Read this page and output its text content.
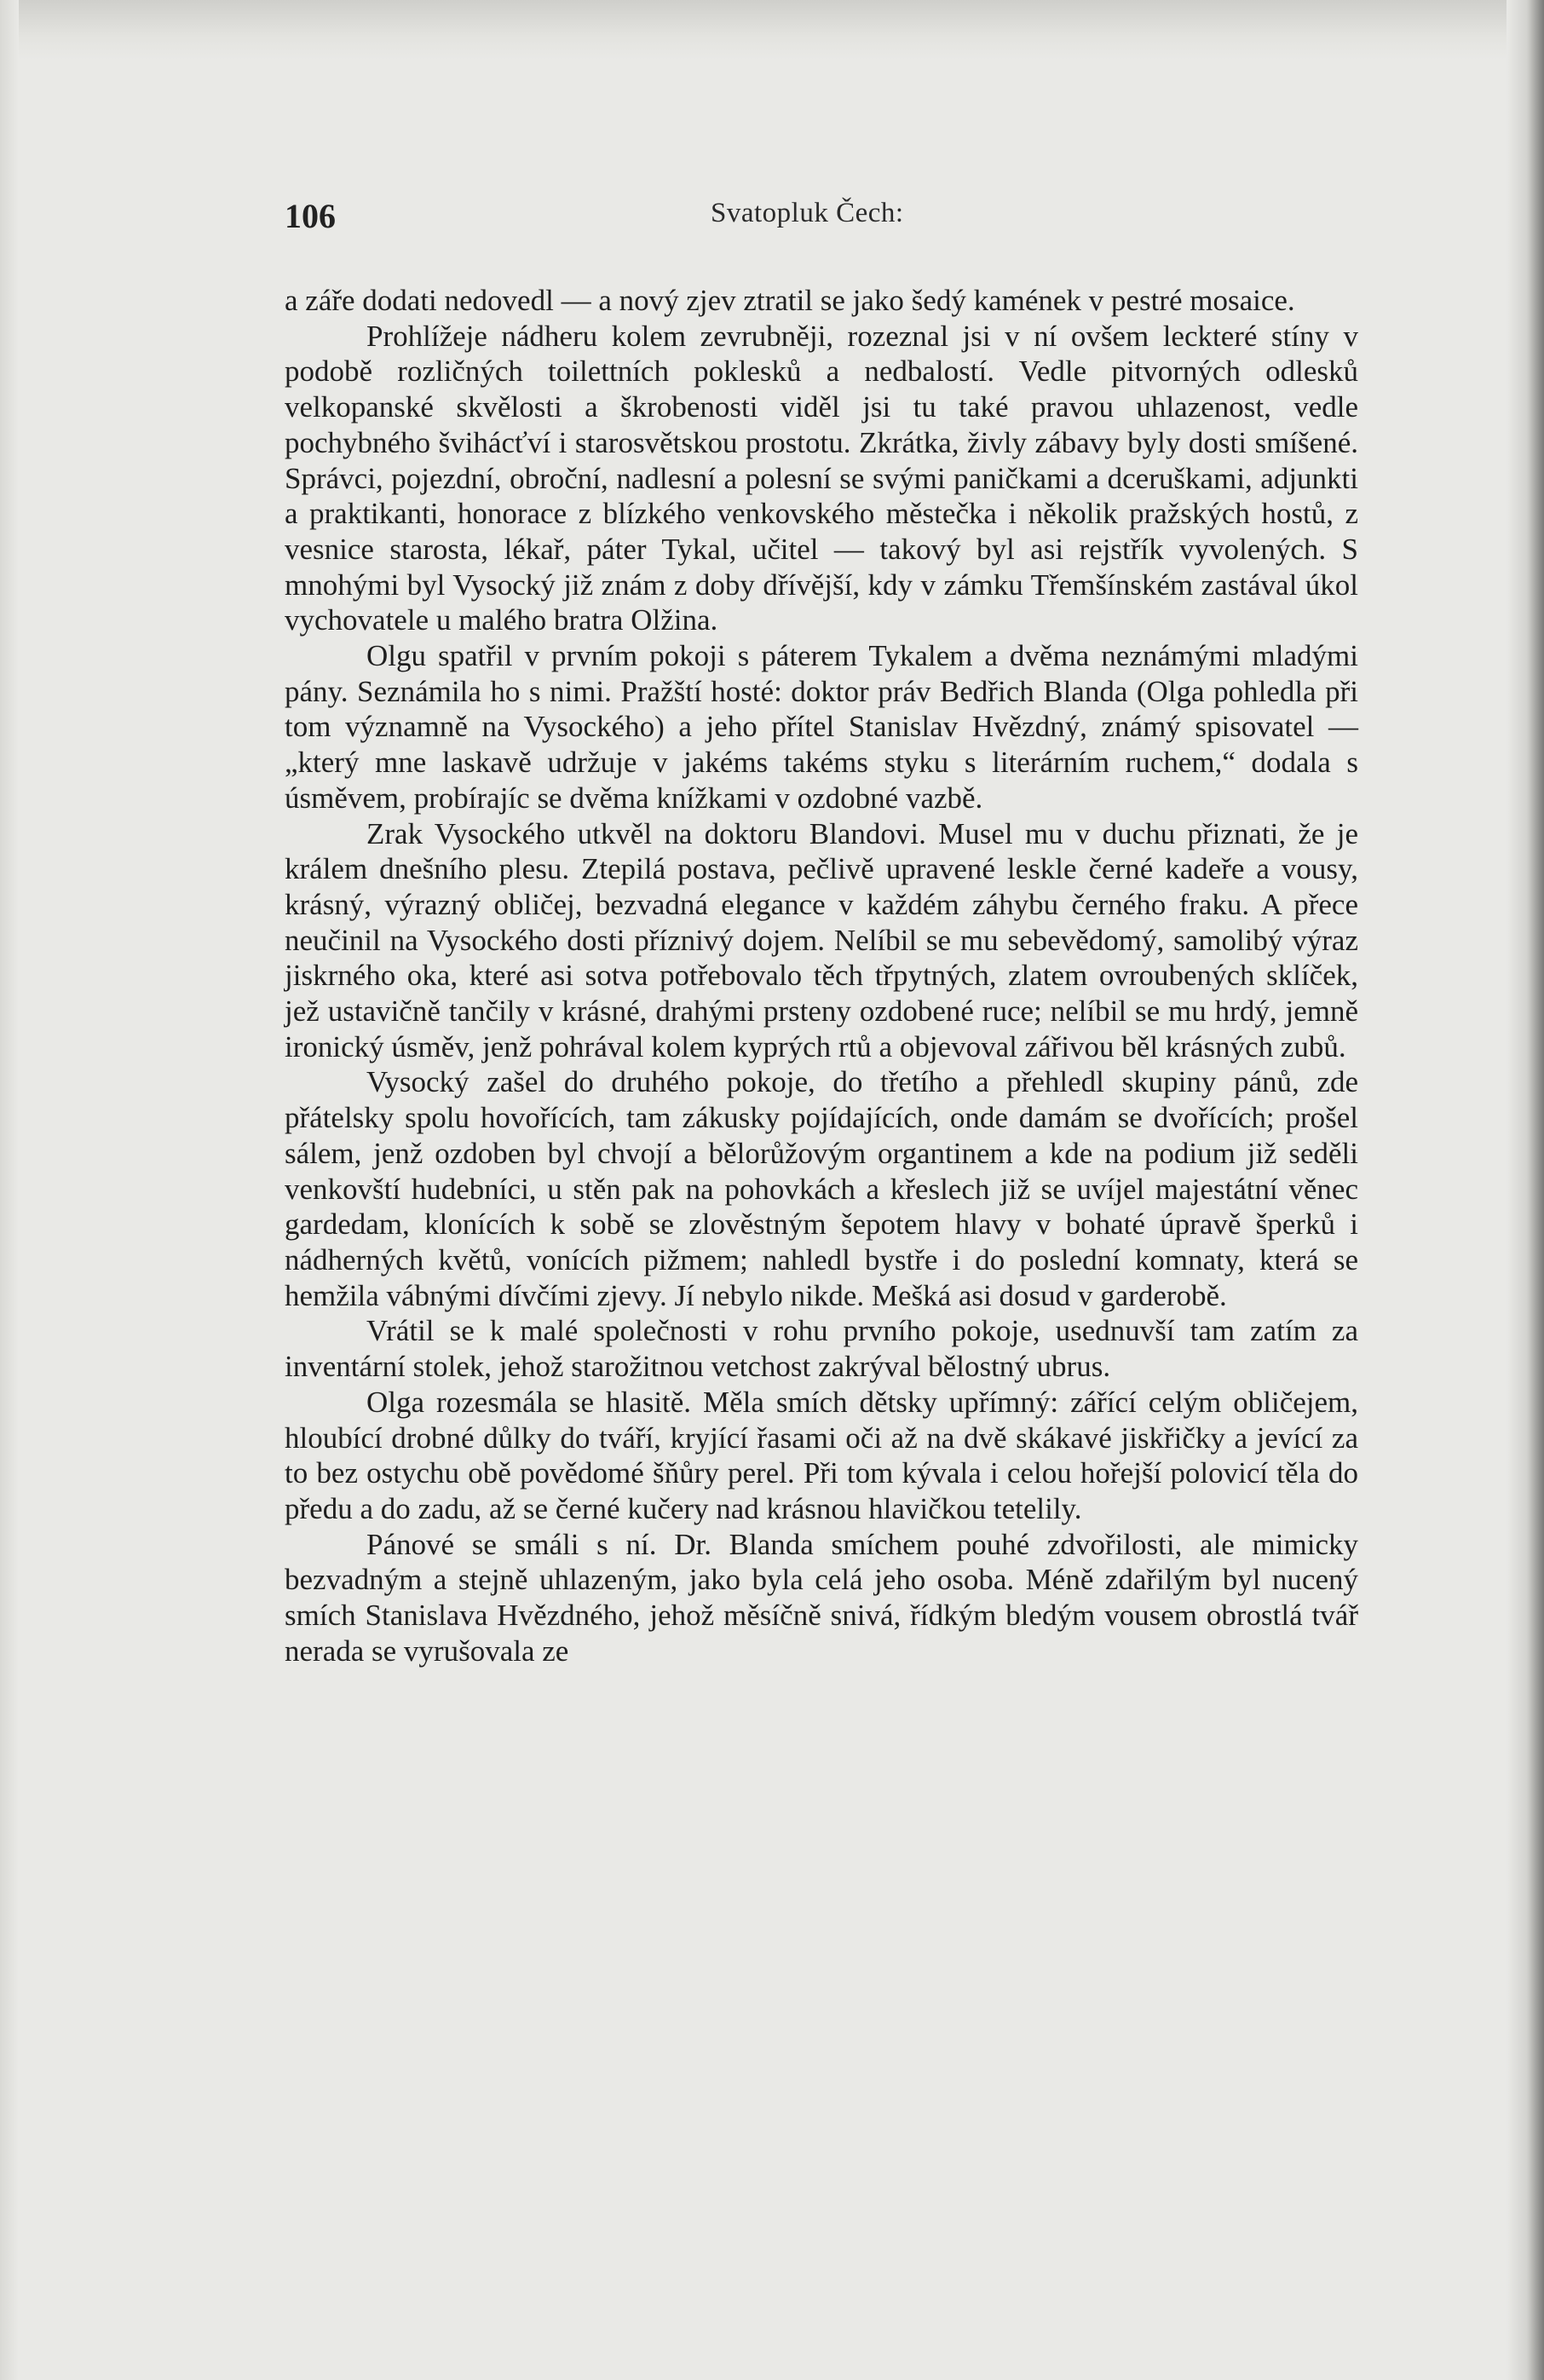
106	Svatopluk Čech:

a záře dodati nedovedl — a nový zjev ztratil se jako šedý kamének v pestré mosaice.

Prohlížeje nádheru kolem zevrubněji, rozeznal jsi v ní ovšem leckteré stíny v podobě rozličných toilettních poklesků a nedbalostí. Vedle pitvorných odlesků velkopanské skvělosti a škrobenosti viděl jsi tu také pravou uhlazenost, vedle pochybného švihácťví i starosvětskou prostotu. Zkrátka, živly zábavy byly dosti smíšené. Správci, pojezdní, obroční, nadlesní a polesní se svými paničkami a dceruškami, adjunkti a praktikanti, honorace z blízkého venkovského městečka i několik pražských hostů, z vesnice starosta, lékař, páter Tykal, učitel — takový byl asi rejstřík vyvolených. S mnohými byl Vysocký již znám z doby dřívější, kdy v zámku Třemšínském zastával úkol vychovatele u malého bratra Olžina.

Olgu spatřil v prvním pokoji s páterem Tykalem a dvěma neznámými mladými pány. Seznámila ho s nimi. Pražští hosté: doktor práv Bedřich Blanda (Olga pohledla při tom významně na Vysockého) a jeho přítel Stanislav Hvězdný, známý spisovatel — „který mne laskavě udržuje v jakéms takéms styku s literárním ruchem,“ dodala s úsměvem, probírajíc se dvěma knížkami v ozdobné vazbě.

Zrak Vysockého utkvěl na doktoru Blandovi. Musel mu v duchu přiznati, že je králem dnešního plesu. Ztepilá postava, pečlivě upravené leskle černé kadeře a vousy, krásný, výrazný obličej, bezvadná elegance v každém záhybu černého fraku. A přece neučinil na Vysockého dosti příznivý dojem. Nelíbil se mu sebevědomý, samolibý výraz jiskrného oka, které asi sotva potřebovalo těch třpytných, zlatem ovroubených sklíček, jež ustavičně tančily v krásné, drahými prsteny ozdobené ruce; nelíbil se mu hrdý, jemně ironický úsměv, jenž pohrával kolem kyprých rtů a objevoval zářivou běl krásných zubů.

Vysocký zašel do druhého pokoje, do třetího a přehledl skupiny pánů, zde přátelsky spolu hovořících, tam zákusky pojídajících, onde damám se dvořících; prošel sálem, jenž ozdoben byl chvojí a bělorůžovým organtinem a kde na podium již seděli venkovští hudebníci, u stěn pak na pohovkách a křeslech již se uvíjel majestátní věnec gardedam, klonících k sobě se zlověstným šepotem hlavy v bohaté úpravě šperků i nádherných květů, vonících pižmem; nahledl bystře i do poslední komnaty, která se hemžila vábnými dívčími zjevy. Jí nebylo nikde. Mešká asi dosud v garderobě.

Vrátil se k malé společnosti v rohu prvního pokoje, usednuvší tam zatím za inventární stolek, jehož starožitnou vetchost zakrýval bělostný ubrus.

Olga rozesmála se hlasitě. Měla smích dětsky upřímný: zářící celým obličejem, hloubící drobné důlky do tváří, kryjící řasami oči až na dvě skákavé jiskřičky a jevící za to bez ostychu obě povědomé šňůry perel. Při tom kývala i celou hořejší polovicí těla do předu a do zadu, až se černé kučery nad krásnou hlavičkou tetelily.

Pánové se smáli s ní. Dr. Blanda smíchem pouhé zdvořilosti, ale mimicky bezvadným a stejně uhlazeným, jako byla celá jeho osoba. Méně zdařilým byl nucený smích Stanislava Hvězdného, jehož měsíčně snivá, řídkým bledým vousem obrostlá tvář nerada se vyrušovala ze
